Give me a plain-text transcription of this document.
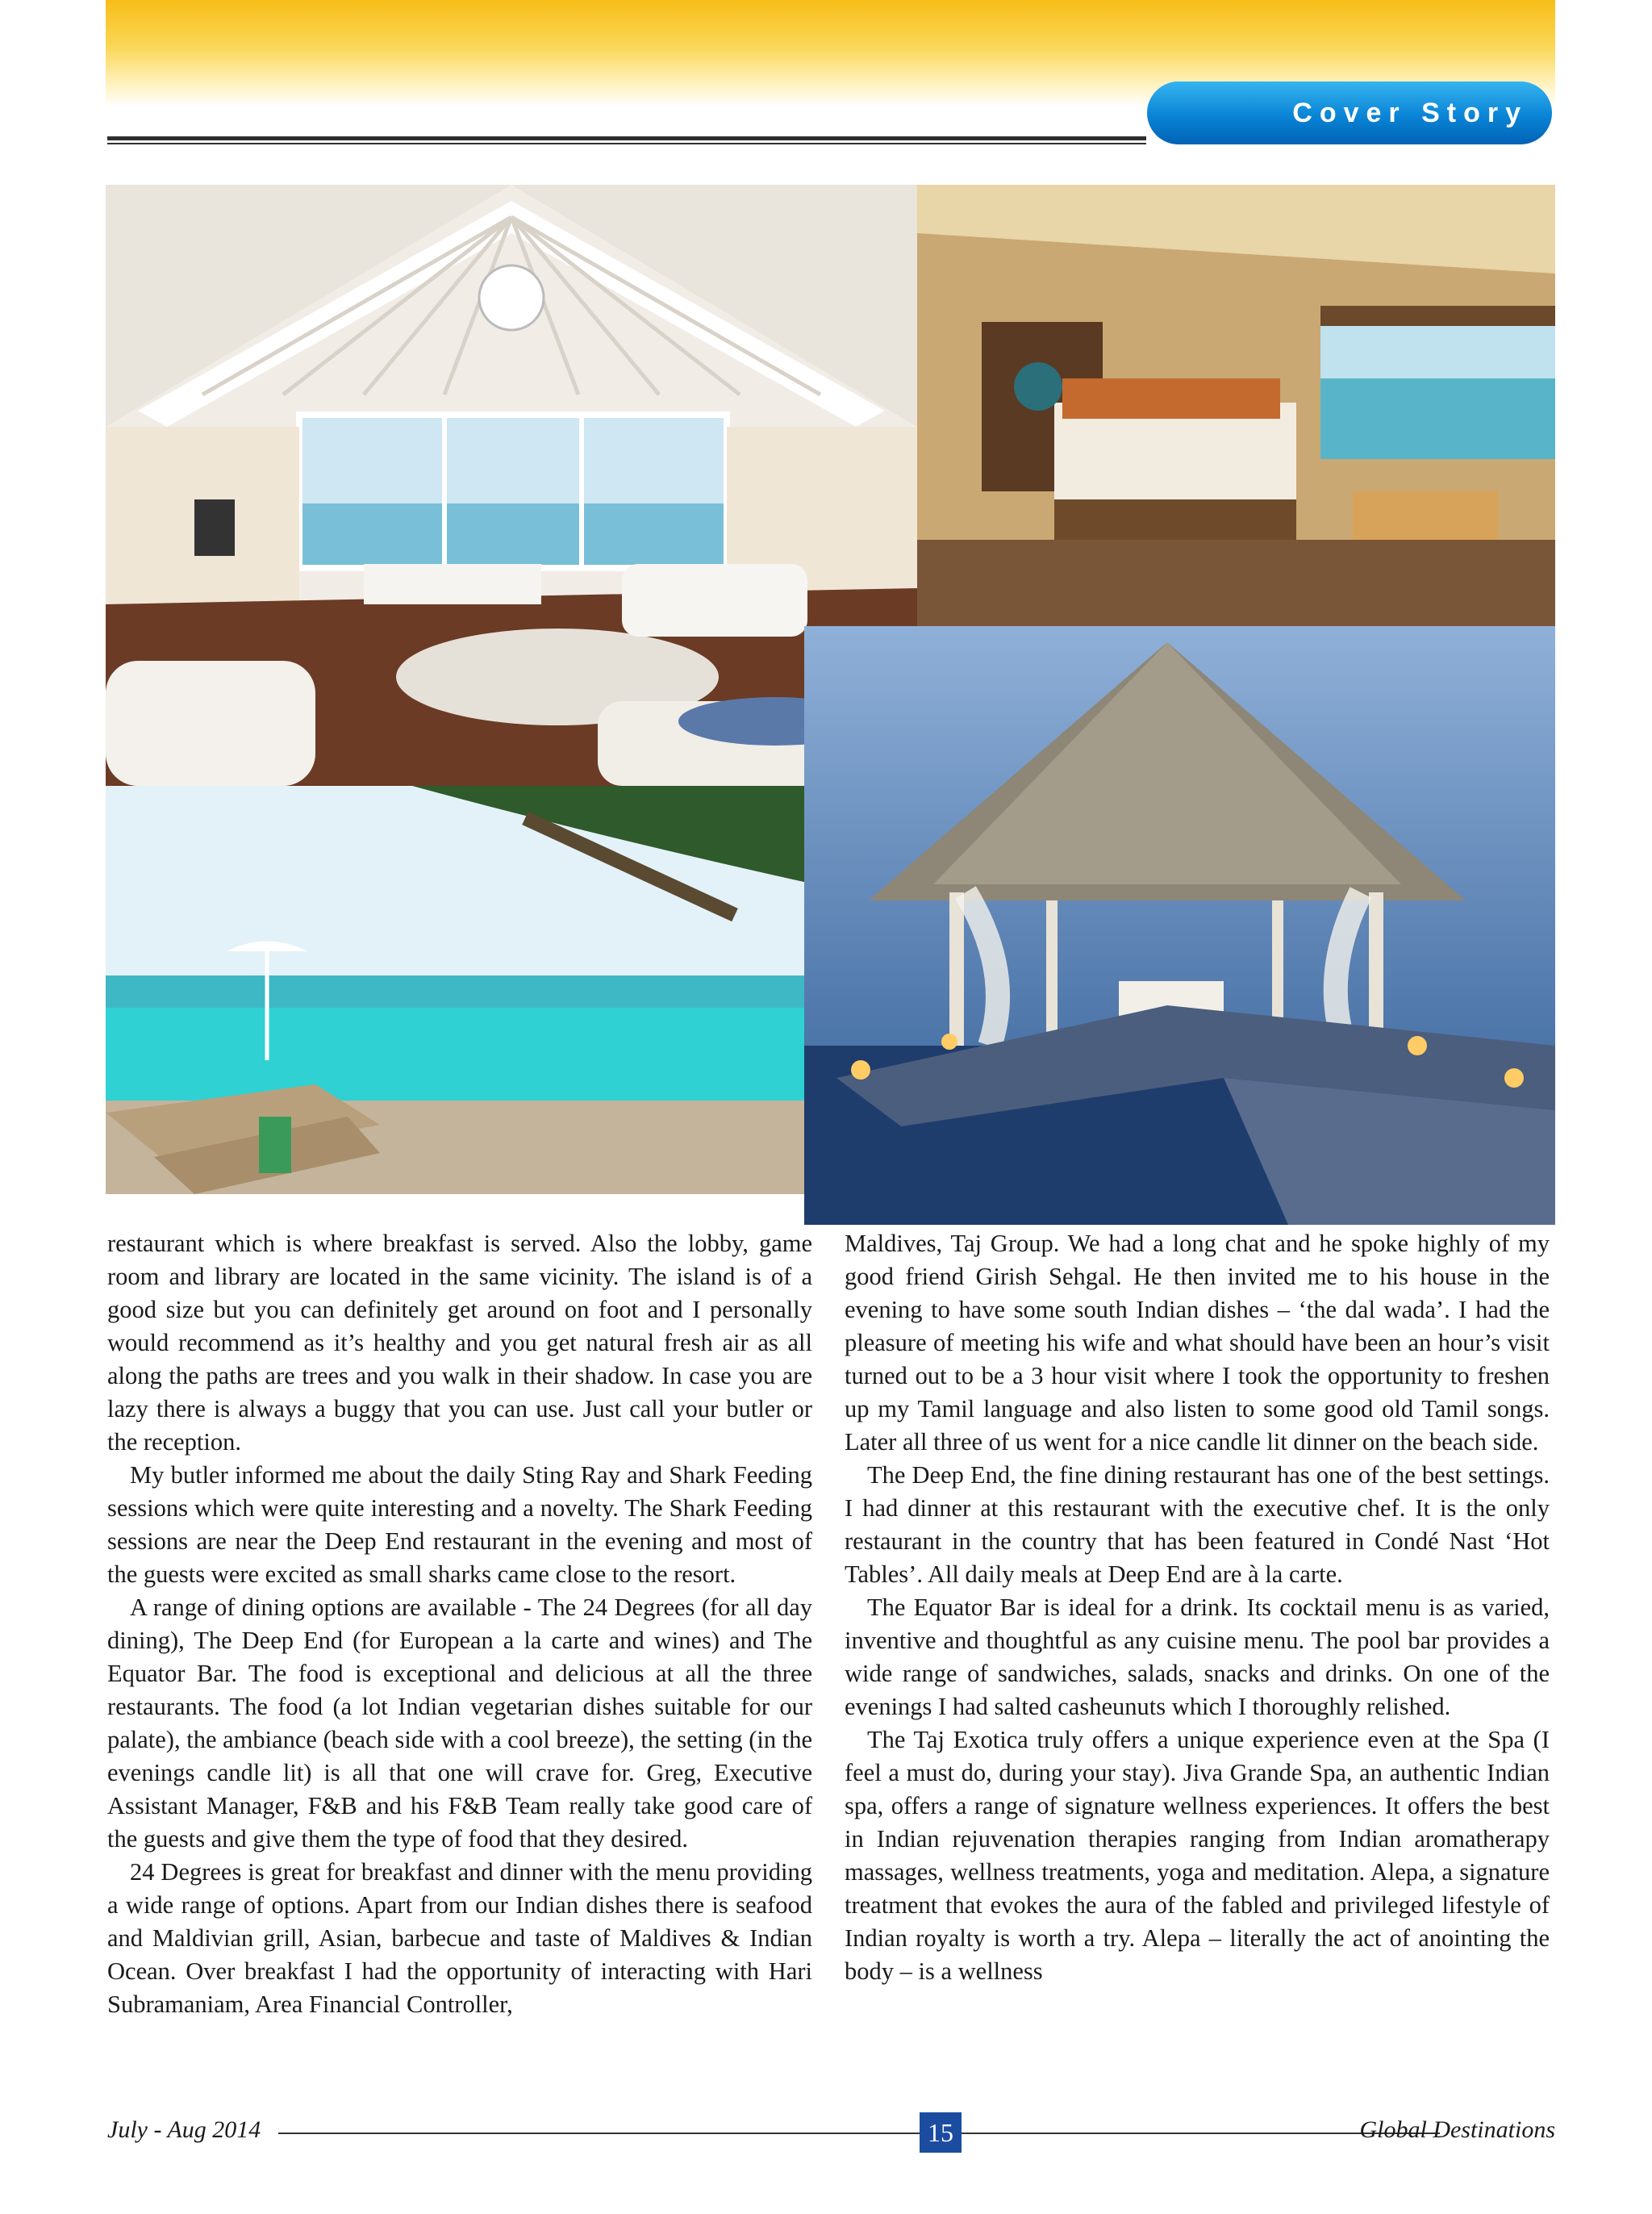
Cover Story

restaurant which is where breakfast is served. Also the lobby, game room and library are located in the same vicinity. The island is of a good size but you can definitely get around on foot and I personally would recommend as it’s healthy and you get natural fresh air as all along the paths are trees and you walk in their shadow. In case you are lazy there is always a buggy that you can use. Just call your butler or the reception.

My butler informed me about the daily Sting Ray and Shark Feeding sessions which were quite interesting and a novelty. The Shark Feeding sessions are near the Deep End restaurant in the evening and most of the guests were excited as small sharks came close to the resort.

A range of dining options are available - The 24 Degrees (for all day dining), The Deep End (for European a la carte and wines) and The Equator Bar. The food is exceptional and delicious at all the three restaurants. The food (a lot Indian vegetarian dishes suitable for our palate), the ambiance (beach side with a cool breeze), the setting (in the evenings candle lit) is all that one will crave for. Greg, Executive Assistant Manager, F&B and his F&B Team really take good care of the guests and give them the type of food that they desired.

24 Degrees is great for breakfast and dinner with the menu providing a wide range of options. Apart from our Indian dishes there is seafood and Maldivian grill, Asian, barbecue and taste of Maldives & Indian Ocean. Over breakfast I had the opportunity of interacting with Hari Subramaniam, Area Financial Controller,

Maldives, Taj Group. We had a long chat and he spoke highly of my good friend Girish Sehgal. He then invited me to his house in the evening to have some south Indian dishes – ‘the dal wada’. I had the pleasure of meeting his wife and what should have been an hour’s visit turned out to be a 3 hour visit where I took the opportunity to freshen up my Tamil language and also listen to some good old Tamil songs. Later all three of us went for a nice candle lit dinner on the beach side.

The Deep End, the fine dining restaurant has one of the best settings. I had dinner at this restaurant with the executive chef. It is the only restaurant in the country that has been featured in Condé Nast ‘Hot Tables’. All daily meals at Deep End are à la carte.

The Equator Bar is ideal for a drink. Its cocktail menu is as varied, inventive and thoughtful as any cuisine menu. The pool bar provides a wide range of sandwiches, salads, snacks and drinks. On one of the evenings I had salted casheunuts which I thoroughly relished.

The Taj Exotica truly offers a unique experience even at the Spa (I feel a must do, during your stay). Jiva Grande Spa, an authentic Indian spa, offers a range of signature wellness experiences. It offers the best in Indian rejuvenation therapies ranging from Indian aromatherapy massages, wellness treatments, yoga and meditation. Alepa, a signature treatment that evokes the aura of the fabled and privileged lifestyle of Indian royalty is worth a try. Alepa – literally the act of anointing the body – is a wellness

July - Aug 2014	15	Global Destinations
